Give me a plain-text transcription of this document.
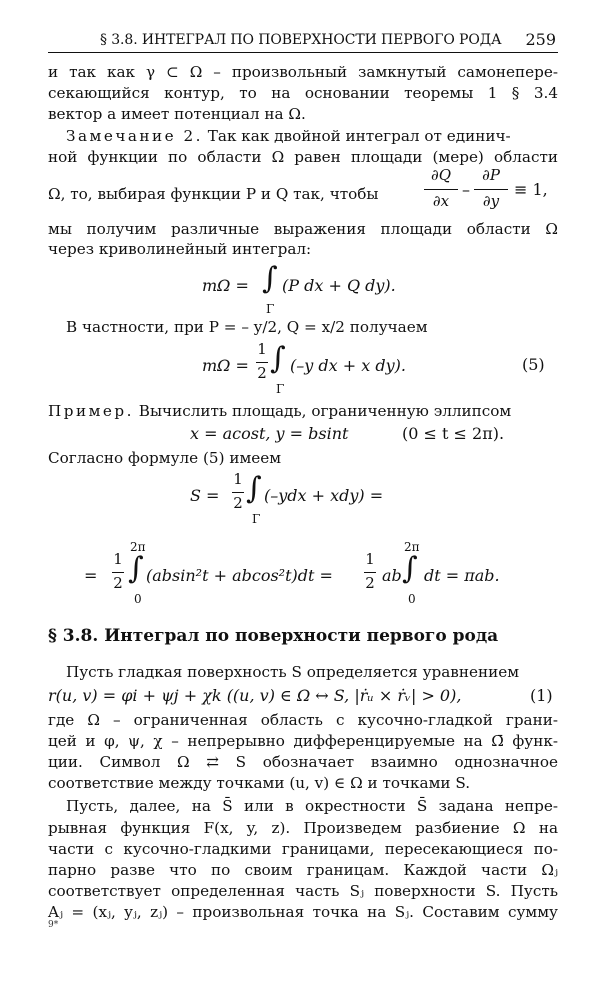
§ 3.8. ИНТЕГРАЛ ПО ПОВЕРХНОСТИ ПЕРВОГО РОДА 259
и так как γ ⊂ Ω – произвольный замкнутый самонепере-
секающийся контур, то на основании теоремы 1 § 3.4
вектор a имеет потенциал на Ω.
Замечание 2. Так как двойной интеграл от единич-
ной функции по области Ω равен площади (мере) области
Ω, то, выбирая функции P и Q так, чтобы
∂Q
∂x
–
∂P
∂y
≡ 1,
мы получим различные выражения площади области Ω
через криволинейный интеграл:
mΩ = ∫
Γ
(P dx + Q dy).
В частности, при P = – y/2, Q = x/2 получаем
mΩ =
1
2 ∫
Γ
(–y dx + x dy).	(5)
Пример. Вычислить площадь, ограниченную эллипсом
x = acost, y = bsint	(0 ≤ t ≤ 2π).
Согласно формуле (5) имеем
S =
1
2 ∫
Γ
(–ydx + xdy) =
=
1
2
2π
∫
0
(absin²t + abcos²t)dt =
1
2 ab
2π
∫
0
dt = πab.
§ 3.8. Интеграл по поверхности первого рода
Пусть гладкая поверхность S определяется уравнением
r(u, v) = φi + ψj + χk ((u, v) ∈ Ω ↔ S, |ṙᵤ × ṙᵥ| > 0),	(1)
где Ω – ограниченная область с кусочно-гладкой грани-
цей и φ, ψ, χ – непрерывно дифференцируемые на Ω̄ функ-
ции. Символ Ω ⇄ S обозначает взаимно однозначное
соответствие между точками (u, v) ∈ Ω и точками S.
Пусть, далее, на S̄ или в окрестности S̄ задана непре-
рывная функция F(x, y, z). Произведем разбиение Ω на
части с кусочно-гладкими границами, пересекающиеся по-
парно разве что по своим границам. Каждой части Ωⱼ
соответствует определенная часть Sⱼ поверхности S. Пусть
Aⱼ = (xⱼ, yⱼ, zⱼ) – произвольная точка на Sⱼ. Составим сумму
9*
